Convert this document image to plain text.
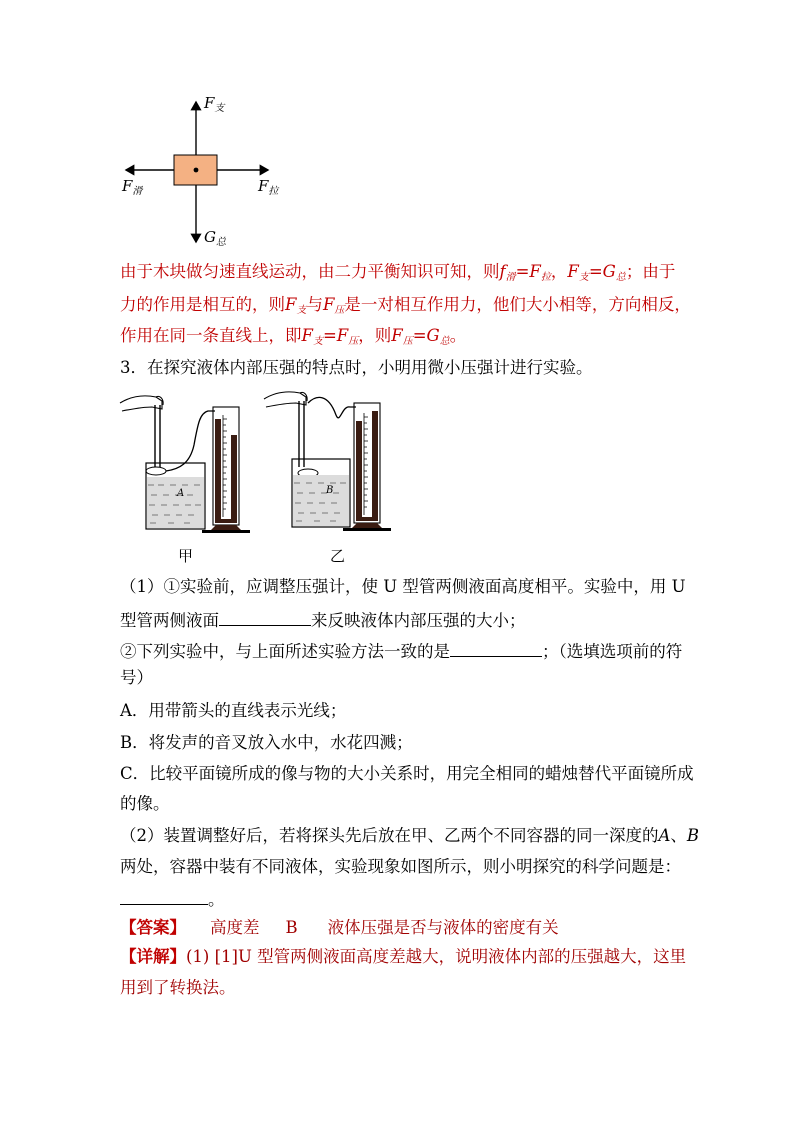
$F_支$
$F_滑$	$F_拉$
$G_总$
由于木块做匀速直线运动，由二力平衡知识可知，则$f_滑=F_拉$，$F_支=G_总$；由于
力的作用是相互的，则$F_支$与$F_压$是一对相互作用力，他们大小相等，方向相反，
作用在同一条直线上，即$F_支=F_压$，则$F_压=G_总$。
3．在探究液体内部压强的特点时，小明用微小压强计进行实验。
A	B
甲	乙
（1）①实验前，应调整压强计，使 U 型管两侧液面高度相平。实验中，用 U
型管两侧液面	来反映液体内部压强的大小；
②下列实验中，与上面所述实验方法一致的是	；（选填选项前的符
号）
A．用带箭头的直线表示光线；
B．将发声的音叉放入水中，水花四溅；
C．比较平面镜所成的像与物的大小关系时，用完全相同的蜡烛替代平面镜所成
的像。
（2）装置调整好后，若将探头先后放在甲、乙两个不同容器的同一深度的A、B
两处，容器中装有不同液体，实验现象如图所示，则小明探究的科学问题是：
。
【答案】 高度差 B 液体压强是否与液体的密度有关
【详解】(1) [1]U 型管两侧液面高度差越大，说明液体内部的压强越大，这里
用到了转换法。
